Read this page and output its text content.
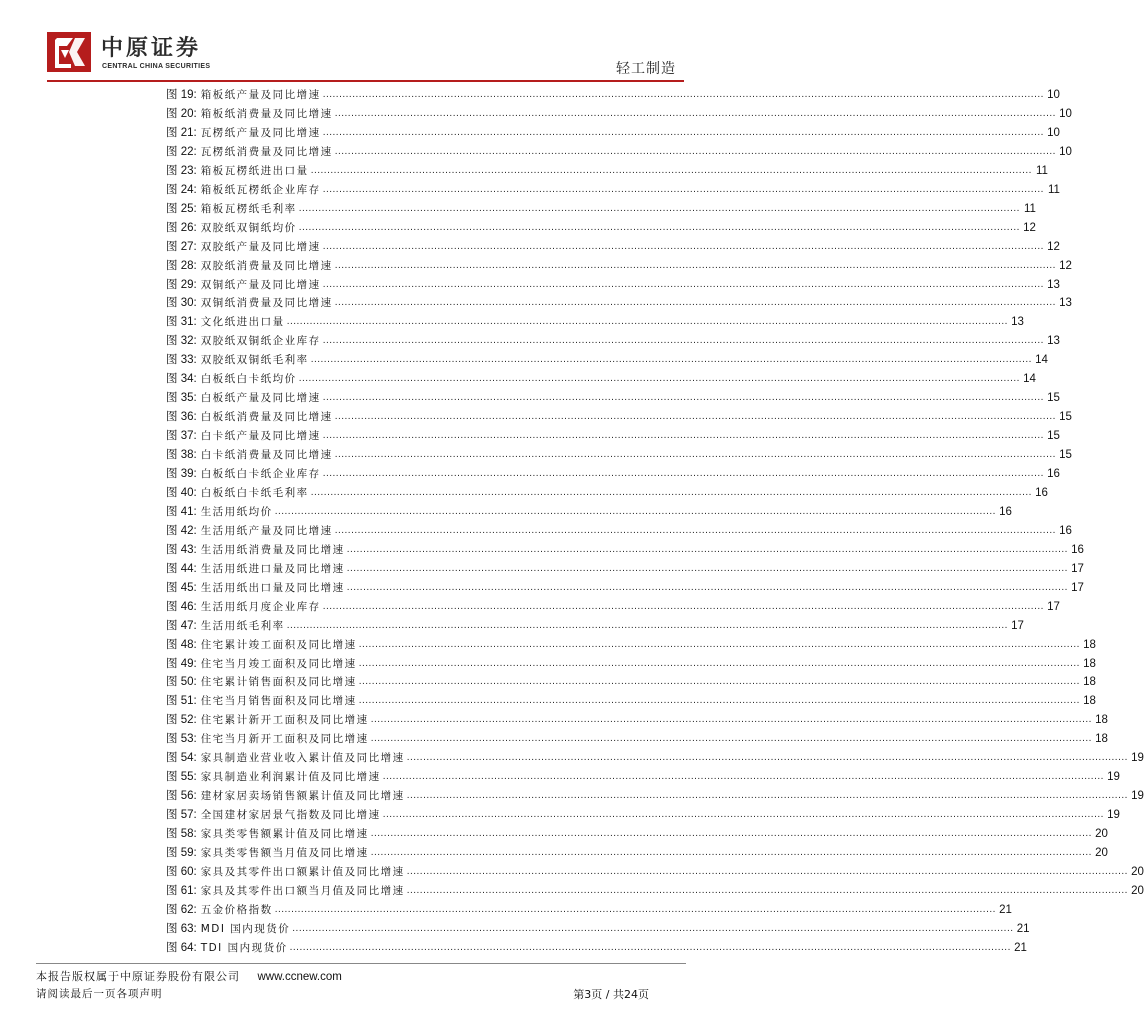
中原证券
CENTRAL CHINA SECURITIES	轻工制造
图 19: 箱板纸产量及同比增速 ............................................................................................................................................................................................................................ 10
图 20: 箱板纸消费量及同比增速 ............................................................................................................................................................................................................................ 10
图 21: 瓦楞纸产量及同比增速 ............................................................................................................................................................................................................................ 10
图 22: 瓦楞纸消费量及同比增速 ............................................................................................................................................................................................................................ 10
图 23: 箱板瓦楞纸进出口量 ............................................................................................................................................................................................................................ 11
图 24: 箱板纸瓦楞纸企业库存 ............................................................................................................................................................................................................................ 11
图 25: 箱板瓦楞纸毛利率 ............................................................................................................................................................................................................................ 11
图 26: 双胶纸双铜纸均价 ............................................................................................................................................................................................................................ 12
图 27: 双胶纸产量及同比增速 ............................................................................................................................................................................................................................ 12
图 28: 双胶纸消费量及同比增速 ............................................................................................................................................................................................................................ 12
图 29: 双铜纸产量及同比增速 ............................................................................................................................................................................................................................ 13
图 30: 双铜纸消费量及同比增速 ............................................................................................................................................................................................................................ 13
图 31: 文化纸进出口量 ............................................................................................................................................................................................................................ 13
图 32: 双胶纸双铜纸企业库存 ............................................................................................................................................................................................................................ 13
图 33: 双胶纸双铜纸毛利率 ............................................................................................................................................................................................................................ 14
图 34: 白板纸白卡纸均价 ............................................................................................................................................................................................................................ 14
图 35: 白板纸产量及同比增速 ............................................................................................................................................................................................................................ 15
图 36: 白板纸消费量及同比增速 ............................................................................................................................................................................................................................ 15
图 37: 白卡纸产量及同比增速 ............................................................................................................................................................................................................................ 15
图 38: 白卡纸消费量及同比增速 ............................................................................................................................................................................................................................ 15
图 39: 白板纸白卡纸企业库存 ............................................................................................................................................................................................................................ 16
图 40: 白板纸白卡纸毛利率 ............................................................................................................................................................................................................................ 16
图 41: 生活用纸均价 ............................................................................................................................................................................................................................ 16
图 42: 生活用纸产量及同比增速 ............................................................................................................................................................................................................................ 16
图 43: 生活用纸消费量及同比增速 ............................................................................................................................................................................................................................ 16
图 44: 生活用纸进口量及同比增速 ............................................................................................................................................................................................................................ 17
图 45: 生活用纸出口量及同比增速 ............................................................................................................................................................................................................................ 17
图 46: 生活用纸月度企业库存 ............................................................................................................................................................................................................................ 17
图 47: 生活用纸毛利率 ............................................................................................................................................................................................................................ 17
图 48: 住宅累计竣工面积及同比增速 ............................................................................................................................................................................................................................ 18
图 49: 住宅当月竣工面积及同比增速 ............................................................................................................................................................................................................................ 18
图 50: 住宅累计销售面积及同比增速 ............................................................................................................................................................................................................................ 18
图 51: 住宅当月销售面积及同比增速 ............................................................................................................................................................................................................................ 18
图 52: 住宅累计新开工面积及同比增速 ............................................................................................................................................................................................................................ 18
图 53: 住宅当月新开工面积及同比增速 ............................................................................................................................................................................................................................ 18
图 54: 家具制造业营业收入累计值及同比增速 ............................................................................................................................................................................................................................ 19
图 55: 家具制造业利润累计值及同比增速 ............................................................................................................................................................................................................................ 19
图 56: 建材家居卖场销售额累计值及同比增速 ............................................................................................................................................................................................................................ 19
图 57: 全国建材家居景气指数及同比增速 ............................................................................................................................................................................................................................ 19
图 58: 家具类零售额累计值及同比增速 ............................................................................................................................................................................................................................ 20
图 59: 家具类零售额当月值及同比增速 ............................................................................................................................................................................................................................ 20
图 60: 家具及其零件出口额累计值及同比增速 ............................................................................................................................................................................................................................ 20
图 61: 家具及其零件出口额当月值及同比增速 ............................................................................................................................................................................................................................ 20
图 62: 五金价格指数 ............................................................................................................................................................................................................................ 21
图 63: MDI 国内现货价 ............................................................................................................................................................................................................................ 21
图 64: TDI 国内现货价 ............................................................................................................................................................................................................................ 21
本报告版权属于中原证券股份有限公司 www.ccnew.com
请阅读最后一页各项声明	第3页 / 共24页
